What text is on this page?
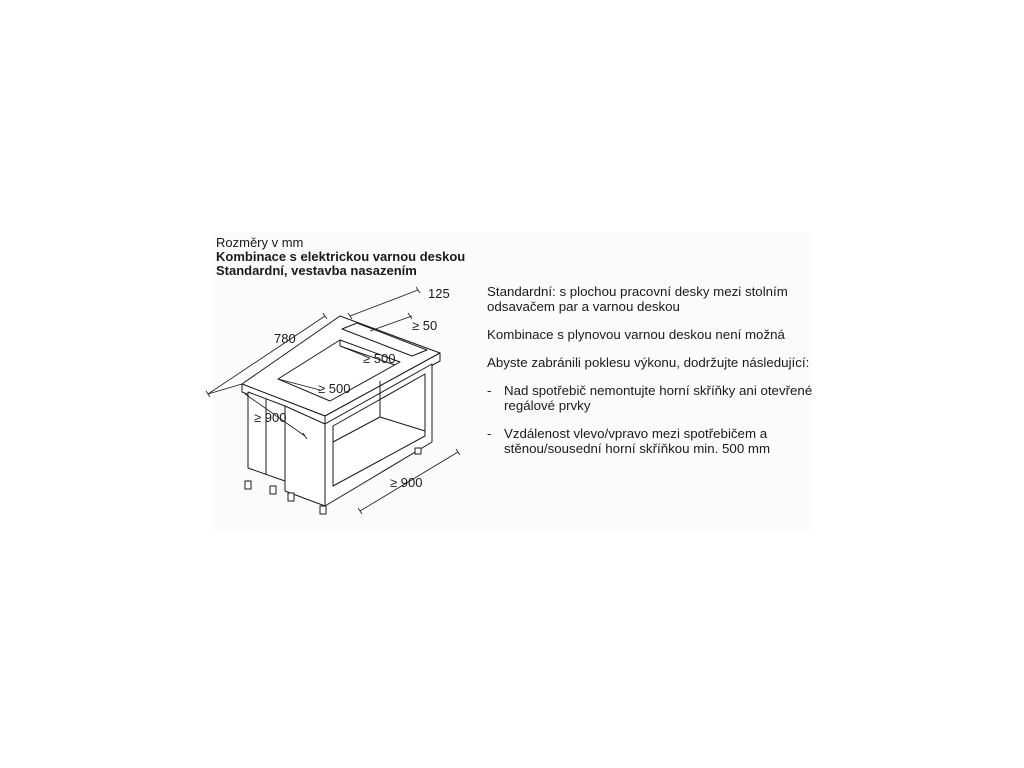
Rozměry v mm
Kombinace s elektrickou varnou deskou
Standardní, vestavba nasazením
125
≥ 50
780
≥ 500
≥ 500
≥ 900
≥ 900

Standardní: s plochou pracovní desky mezi stolním odsavačem par a varnou deskou

Kombinace s plynovou varnou deskou není možná

Abyste zabránili poklesu výkonu, dodržujte následující:

- Nad spotřebič nemontujte horní skříňky ani otevřené regálové prvky
- Vzdálenost vlevo/vpravo mezi spotřebičem a stěnou/sousední horní skříňkou min. 500 mm
